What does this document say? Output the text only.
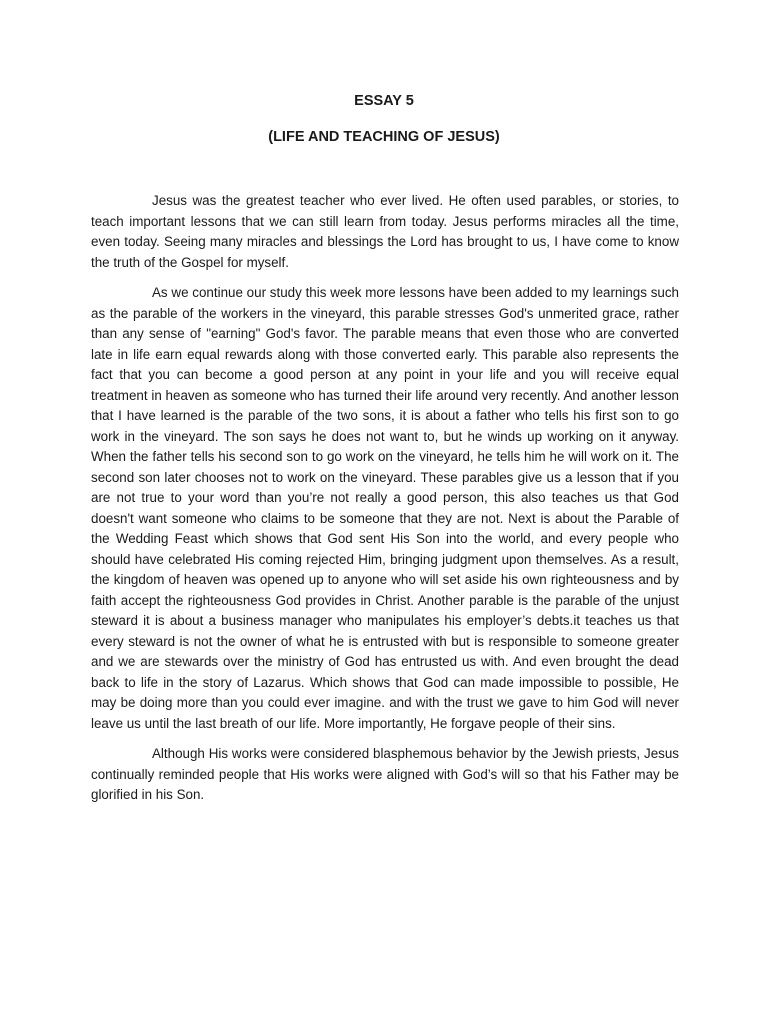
ESSAY 5
(LIFE AND TEACHING OF JESUS)

Jesus was the greatest teacher who ever lived. He often used parables, or stories, to teach important lessons that we can still learn from today. Jesus performs miracles all the time, even today. Seeing many miracles and blessings the Lord has brought to us, I have come to know the truth of the Gospel for myself.

As we continue our study this week more lessons have been added to my learnings such as the parable of the workers in the vineyard, this parable stresses God's unmerited grace, rather than any sense of "earning" God's favor. The parable means that even those who are converted late in life earn equal rewards along with those converted early. This parable also represents the fact that you can become a good person at any point in your life and you will receive equal treatment in heaven as someone who has turned their life around very recently. And another lesson that I have learned is the parable of the two sons, it is about a father who tells his first son to go work in the vineyard. The son says he does not want to, but he winds up working on it anyway. When the father tells his second son to go work on the vineyard, he tells him he will work on it. The second son later chooses not to work on the vineyard. These parables give us a lesson that if you are not true to your word than you’re not really a good person, this also teaches us that God doesn't want someone who claims to be someone that they are not. Next is about the Parable of the Wedding Feast which shows that God sent His Son into the world, and every people who should have celebrated His coming rejected Him, bringing judgment upon themselves. As a result, the kingdom of heaven was opened up to anyone who will set aside his own righteousness and by faith accept the righteousness God provides in Christ. Another parable is the parable of the unjust steward it is about a business manager who manipulates his employer’s debts.it teaches us that every steward is not the owner of what he is entrusted with but is responsible to someone greater and we are stewards over the ministry of God has entrusted us with. And even brought the dead back to life in the story of Lazarus. Which shows that God can made impossible to possible, He may be doing more than you could ever imagine. and with the trust we gave to him God will never leave us until the last breath of our life. More importantly, He forgave people of their sins.

Although His works were considered blasphemous behavior by the Jewish priests, Jesus continually reminded people that His works were aligned with God’s will so that his Father may be glorified in his Son.
